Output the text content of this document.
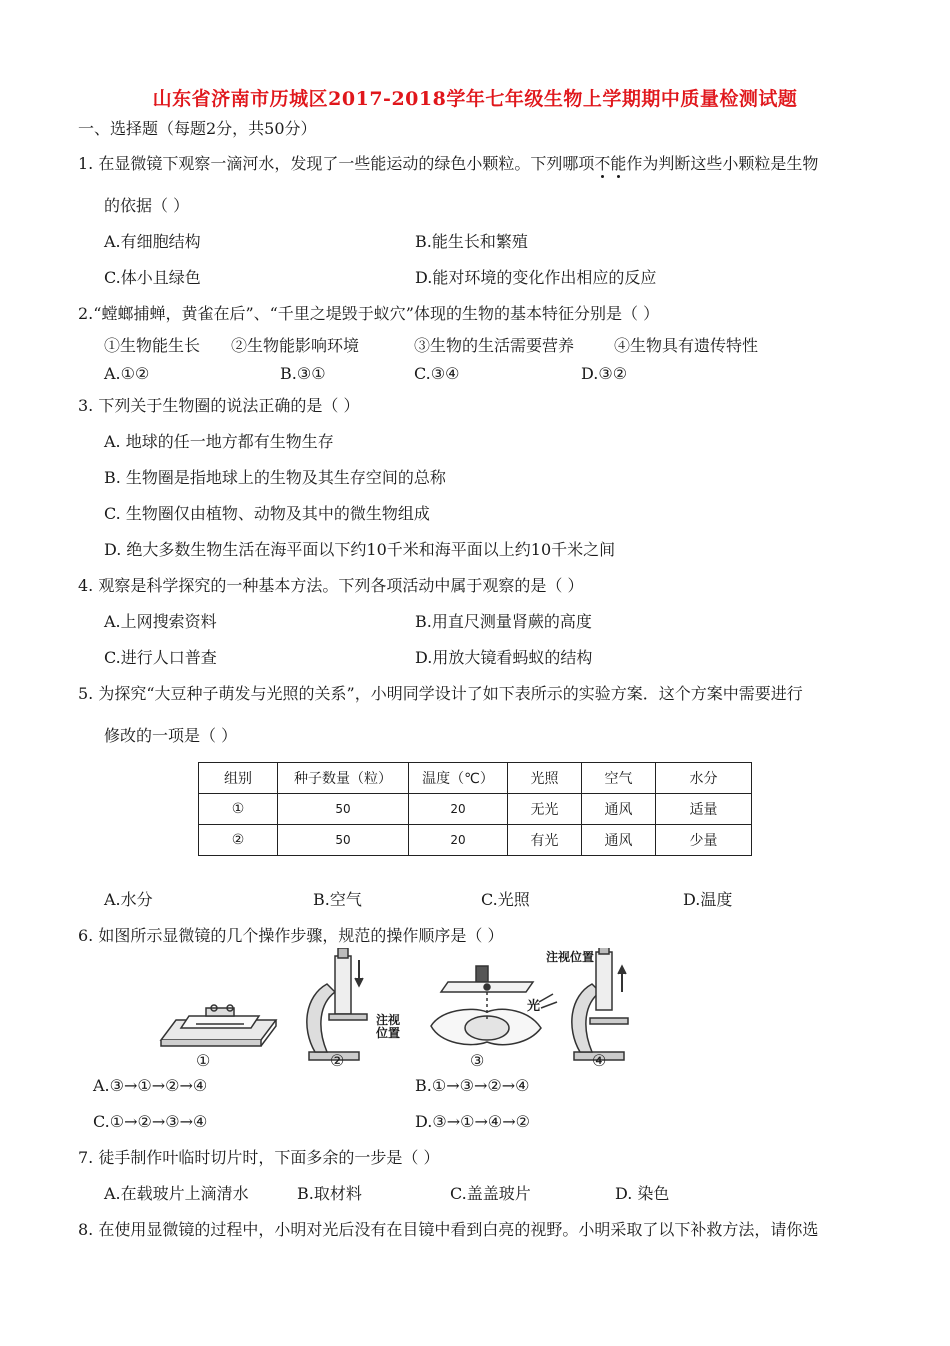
山东省济南市历城区2017-2018学年七年级生物上学期期中质量检测试题
一、选择题（每题2分，共50分）
1. 在显微镜下观察一滴河水，发现了一些能运动的绿色小颗粒。下列哪项不能作为判断这些小颗粒是生物
的依据（ ）
A.有细胞结构	B.能生长和繁殖
C.体小且绿色	D.能对环境的变化作出相应的反应
2.“螳螂捕蝉，黄雀在后”、“千里之堤毁于蚁穴”体现的生物的基本特征分别是（ ）
①生物能生长 ②生物能影响环境	③生物的生活需要营养 ④生物具有遗传特性
A.①②	B.③①	C.③④	D.③②
3. 下列关于生物圈的说法正确的是（ ）
A. 地球的任一地方都有生物生存
B. 生物圈是指地球上的生物及其生存空间的总称
C. 生物圈仅由植物、动物及其中的微生物组成
D. 绝大多数生物生活在海平面以下约10千米和海平面以上约10千米之间
4. 观察是科学探究的一种基本方法。下列各项活动中属于观察的是（ ）
A.上网搜索资料	B.用直尺测量肾蕨的高度
C.进行人口普查	D.用放大镜看蚂蚁的结构
5. 为探究“大豆种子萌发与光照的关系”，小明同学设计了如下表所示的实验方案．这个方案中需要进行
修改的一项是（ ）
组别	种子数量（粒）	温度（℃）	光照	空气	水分
①	50	20	无光	通风	适量
②	50	20	有光	通风	少量
A.水分	B.空气	C.光照	D.温度
6. 如图所示显微镜的几个操作步骤，规范的操作顺序是（ ）
①	②	③	④
注视
位置
注视位置
光
A.③→①→②→④	B.①→③→②→④
C.①→②→③→④	D.③→①→④→②
7. 徒手制作叶临时切片时，下面多余的一步是（ ）
A.在载玻片上滴清水	B.取材料	C.盖盖玻片	D. 染色
8. 在使用显微镜的过程中，小明对光后没有在目镜中看到白亮的视野。小明采取了以下补救方法，请你选
